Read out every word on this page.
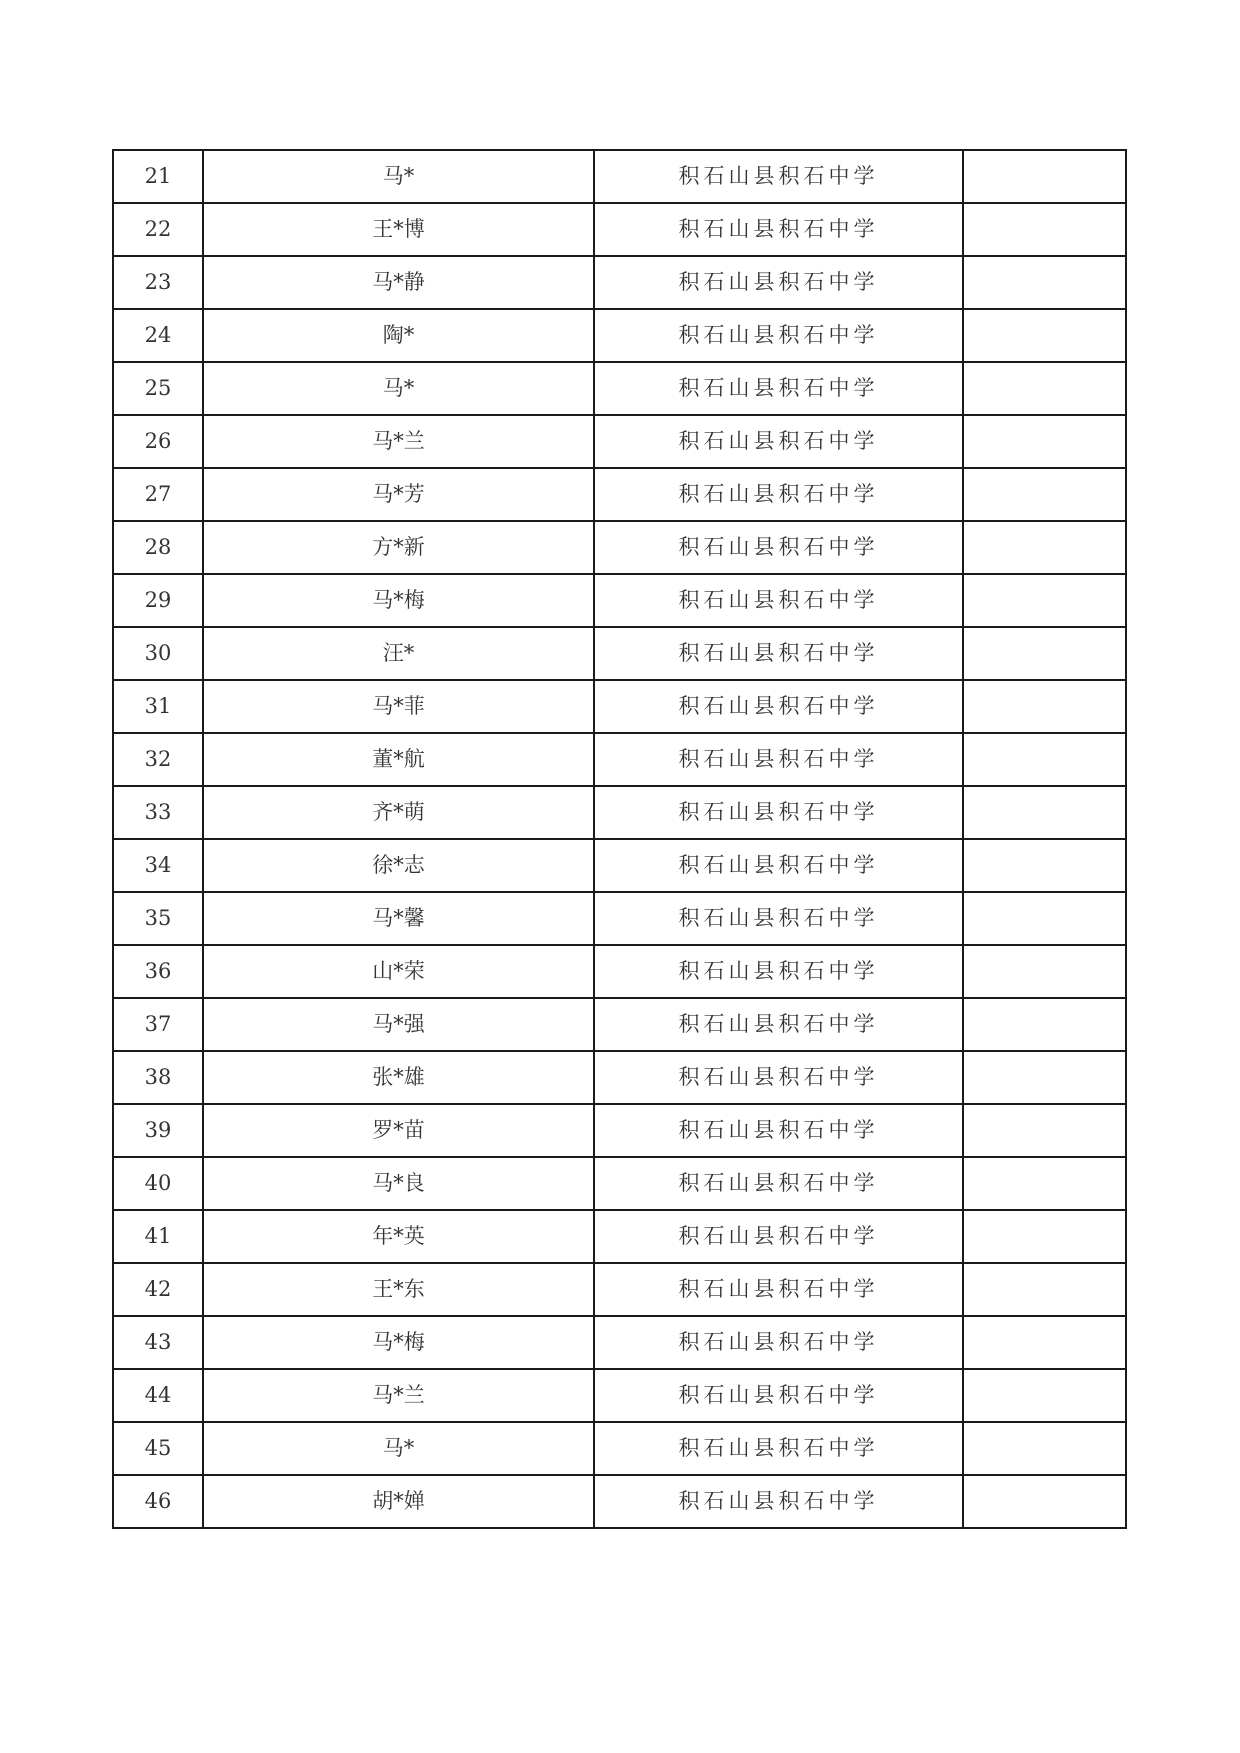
21	马*	积石山县积石中学	
22	王*博	积石山县积石中学	
23	马*静	积石山县积石中学	
24	陶*	积石山县积石中学	
25	马*	积石山县积石中学	
26	马*兰	积石山县积石中学	
27	马*芳	积石山县积石中学	
28	方*新	积石山县积石中学	
29	马*梅	积石山县积石中学	
30	汪*	积石山县积石中学	
31	马*菲	积石山县积石中学	
32	董*航	积石山县积石中学	
33	齐*萌	积石山县积石中学	
34	徐*志	积石山县积石中学	
35	马*馨	积石山县积石中学	
36	山*荣	积石山县积石中学	
37	马*强	积石山县积石中学	
38	张*雄	积石山县积石中学	
39	罗*苗	积石山县积石中学	
40	马*良	积石山县积石中学	
41	年*英	积石山县积石中学	
42	王*东	积石山县积石中学	
43	马*梅	积石山县积石中学	
44	马*兰	积石山县积石中学	
45	马*	积石山县积石中学	
46	胡*婵	积石山县积石中学	
